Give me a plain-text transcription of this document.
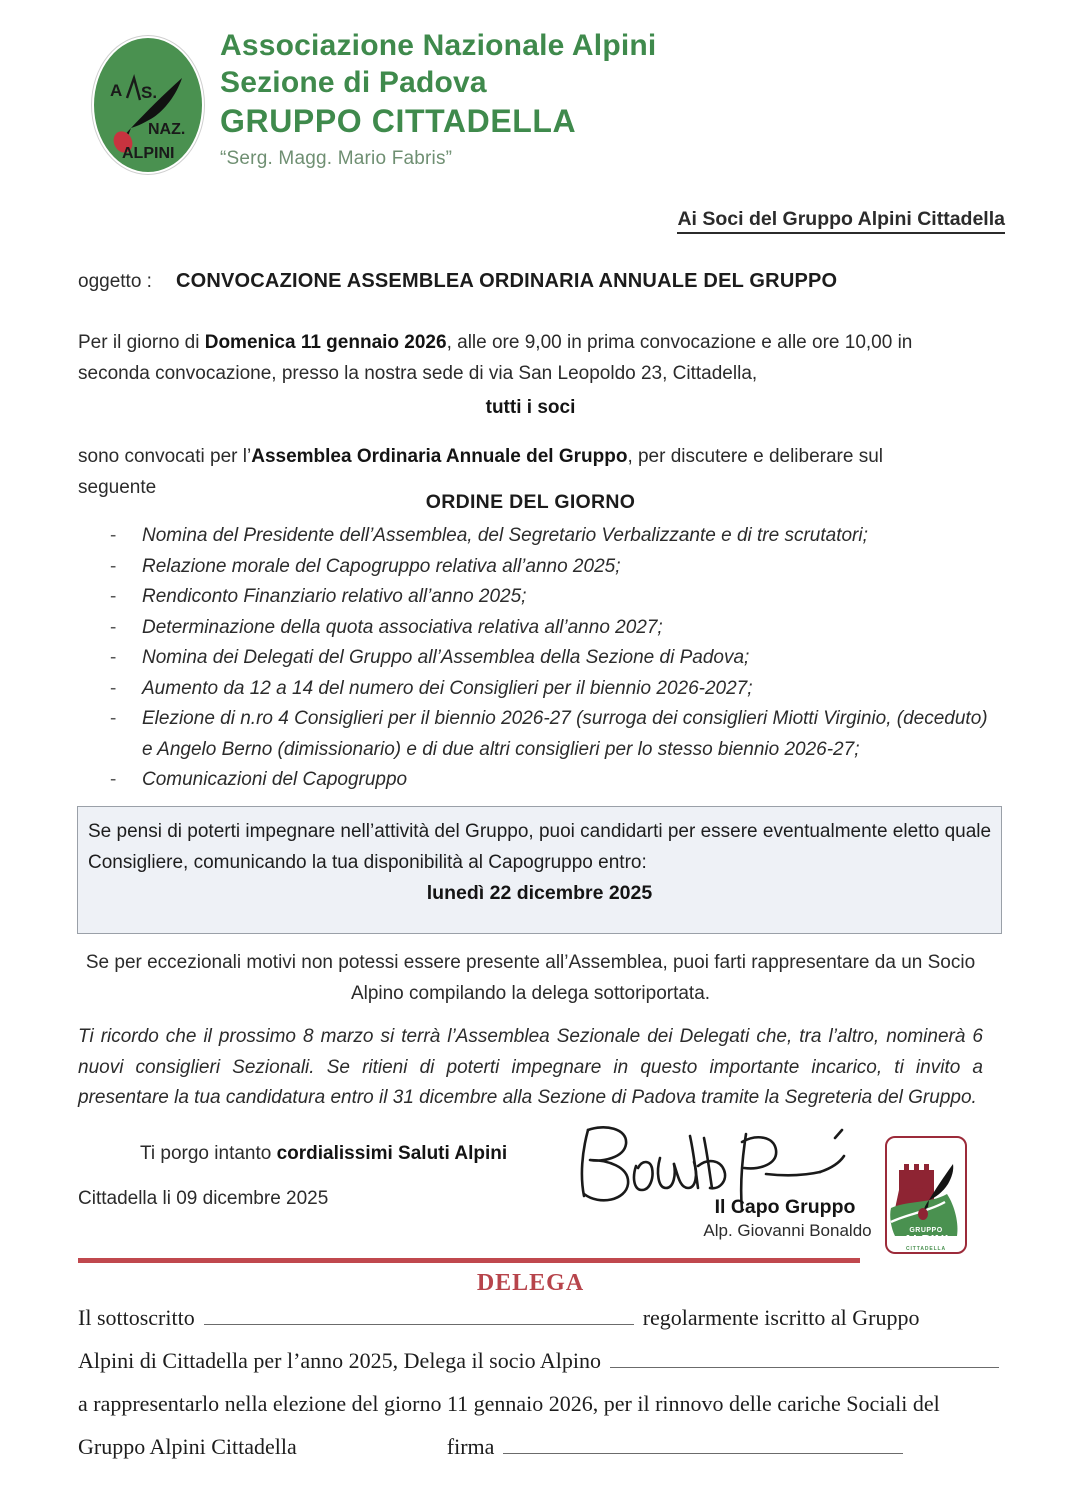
A S.
NAZ.
ALPINI
Associazione Nazionale Alpini
Sezione di Padova
GRUPPO CITTADELLA
“Serg. Magg. Mario Fabris”
Ai Soci del Gruppo Alpini Cittadella
oggetto : CONVOCAZIONE ASSEMBLEA ORDINARIA ANNUALE DEL GRUPPO
Per il giorno di Domenica 11 gennaio 2026, alle ore 9,00 in prima convocazione e alle ore 10,00 in seconda convocazione, presso la nostra sede di via San Leopoldo 23, Cittadella,
tutti i soci
sono convocati per l’Assemblea Ordinaria Annuale del Gruppo, per discutere e deliberare sul seguente
ORDINE DEL GIORNO
-	Nomina del Presidente dell’Assemblea, del Segretario Verbalizzante e di tre scrutatori;
-	Relazione morale del Capogruppo relativa all’anno 2025;
-	Rendiconto Finanziario relativo all’anno 2025;
-	Determinazione della quota associativa relativa all’anno 2027;
-	Nomina dei Delegati del Gruppo all’Assemblea della Sezione di Padova;
-	Aumento da 12 a 14 del numero dei Consiglieri per il biennio 2026-2027;
-	Elezione di n.ro 4 Consiglieri per il biennio 2026-27 (surroga dei consiglieri Miotti Virginio, (deceduto) e Angelo Berno (dimissionario) e di due altri consiglieri per lo stesso biennio 2026-27;
-	Comunicazioni del Capogruppo
Se pensi di poterti impegnare nell’attività del Gruppo, puoi candidarti per essere eventualmente eletto quale Consigliere, comunicando la tua disponibilità al Capogruppo entro:
lunedì 22 dicembre 2025
Se per eccezionali motivi non potessi essere presente all’Assemblea, puoi farti rappresentare da un Socio Alpino compilando la delega sottoriportata.
Ti ricordo che il prossimo 8 marzo si terrà l’Assemblea Sezionale dei Delegati che, tra l’altro, nominerà 6 nuovi consiglieri Sezionali. Se ritieni di poterti impegnare in questo importante incarico, ti invito a presentare la tua candidatura entro il 31 dicembre alla Sezione di Padova tramite la Segreteria del Gruppo.
Ti porgo intanto cordialissimi Saluti Alpini
Cittadella li 09 dicembre 2025	Il Capo Gruppo
Alp. Giovanni Bonaldo	GRUPPO
ALPINI
CITTADELLA
DELEGA
Il sottoscritto	regolarmente iscritto al Gruppo
Alpini di Cittadella per l’anno 2025, Delega il socio Alpino
a rappresentarlo nella elezione del giorno 11 gennaio 2026, per il rinnovo delle cariche Sociali del
Gruppo Alpini Cittadella	firma
